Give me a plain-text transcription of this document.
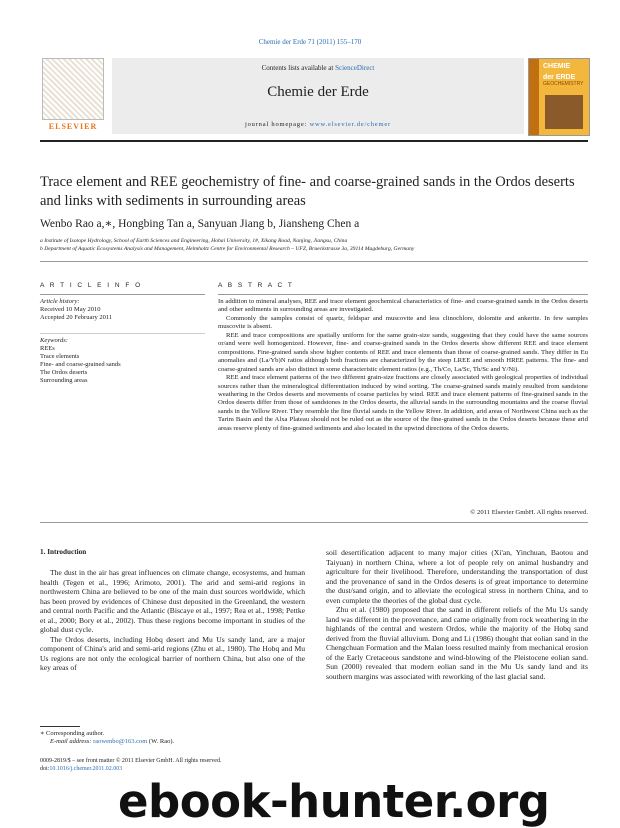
Chemie der Erde 71 (2011) 155–170
ELSEVIER
Contents lists available at ScienceDirect
Chemie der Erde
journal homepage: www.elsevier.de/chemer
CHEMIE
der ERDE
GEOCHEMISTRY
Trace element and REE geochemistry of fine- and coarse-grained sands in the Ordos deserts and links with sediments in surrounding areas
Wenbo Rao a,∗, Hongbing Tan a, Sanyuan Jiang b, Jiansheng Chen a
a Institute of Isotope Hydrology, School of Earth Sciences and Engineering, Hohai University, 1#, Xikang Road, Nanjing, Jiangsu, China
b Department of Aquatic Ecosystems Analysis and Management, Helmholtz Centre for Environmental Research – UFZ, Brueckstrasse 3a, 39114 Magdeburg, Germany
A R T I C L E I N F O	A B S T R A C T
Article history:
Received 10 May 2010
Accepted 20 February 2011
Keywords:
REEs
Trace elements
Fine- and coarse-grained sands
The Ordos deserts
Surrounding areas

In addition to mineral analyses, REE and trace element geochemical characteristics of fine- and coarse-grained sands in the Ordos deserts and other sediments in surrounding areas are investigated.

Commonly the samples consist of quartz, feldspar and muscovite and less clinochlore, dolomite and ankerite. In few samples muscovite is absent.

REE and trace compositions are spatially uniform for the same grain-size sands, suggesting that they could have the same sources or/and were well homogenized. However, fine- and coarse-grained sands in the Ordos deserts show different REE and trace element compositions. Fine-grained sands show higher contents of REE and trace elements than those of coarse-grained sands. They differ in Eu anomalies and (La/Yb)N ratios although both fractions are characterized by the steep LREE and smooth HREE patterns. The fine- and coarse-grained sands are also distinct in some characteristic element ratios (e.g., Th/Co, La/Sc, Th/Sc and Y/Ni).

REE and trace element patterns of the two different grain-size fractions are closely associated with geological properties of individual sources rather than the mineralogical differentiation induced by wind sorting. The coarse-grained sands mainly resulted from sandstone weathering in the Ordos deserts and movements of coarse particles by wind. REE and trace element patterns of fine-grained sands in the Ordos deserts differ from those of sandstones in the Ordos deserts, the alluvial sands in the surrounding mountains and the coarse fluvial sands in the Yellow River. They resemble the fine fluvial sands in the Yellow River. In addition, arid areas of Northwest China such as the Tarim Basin and the Alxa Plateau should not be ruled out as the source of the fine-grained sands in the Ordos deserts because these arid areas reserve plenty of fine-grained sediments and also located in the upwind directions of the Ordos deserts.

© 2011 Elsevier GmbH. All rights reserved.
1. Introduction

The dust in the air has great influences on climate change, ecosystems, and human health (Tegen et al., 1996; Arimoto, 2001). The arid and semi-arid regions in northwestern China are believed to be one of the main dust sources worldwide, which has been proved by evidences of Chinese dust deposited in the Greenland, the western and central north Pacific and the Atlantic (Biscaye et al., 1997; Rea et al., 1998; Pettke et al., 2000; Bory et al., 2002). Thus these regions become important in studies of the global dust cycle.

The Ordos deserts, including Hobq desert and Mu Us sandy land, are a major component of China's arid and semi-arid regions (Zhu et al., 1980). The Hobq and Mu Us regions are not only the ecological barrier of northern China, but also one of the key areas of

soil desertification adjacent to many major cities (Xi'an, Yinchuan, Baotou and Taiyuan) in northern China, where a lot of people rely on animal husbandry and agriculture for their livelihood. Therefore, understanding the transportation of dust and the provenance of sand in the Ordos deserts is of great importance to determine the dust/sand origin, and to alleviate the ecological stress in northern China, and to even complete the theories of the global dust cycle.

Zhu et al. (1980) proposed that the sand in different reliefs of the Mu Us sandy land was different in the provenance, and came originally from rock weathering in the highlands of the central and western Ordos, while the majority of the Hobq sand derived from the fluvial alluvium. Dong and Li (1986) thought that eolian sand in the Chengchuan Formation and the Malan loess resulted mainly from mechanical erosion of the Early Cretaceous sandstone and wind-blowing of the Pleistocene eolian sand. Sun (2000) revealed that modern eolian sand in the Mu Us sandy land and its southern margins was associated with reworking of the last glacial sand.

∗ Corresponding author.
E-mail address: raowenbo@163.com (W. Rao).
0009-2819/$ – see front matter © 2011 Elsevier GmbH. All rights reserved.
doi:10.1016/j.chemer.2011.02.003
ebook-hunter.org
